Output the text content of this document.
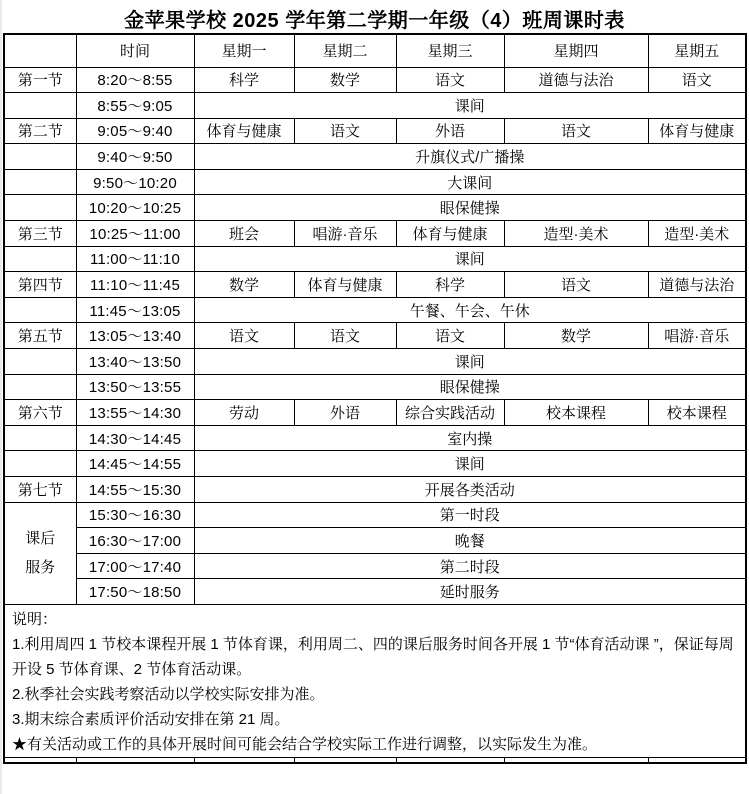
金苹果学校 2025 学年第二学期一年级（4）班周课时表
	时间	星期一	星期二	星期三	星期四	星期五
第一节	8:20～8:55	科学	数学	语文	道德与法治	语文
	8:55～9:05	课间				
第二节	9:05～9:40	体育与健康	语文	外语	语文	体育与健康
	9:40～9:50	升旗仪式/广播操				
	9:50～10:20	大课间				
	10:20～10:25	眼保健操				
第三节	10:25～11:00	班会	唱游·音乐	体育与健康	造型·美术	造型·美术
	11:00～11:10	课间				
第四节	11:10～11:45	数学	体育与健康	科学	语文	道德与法治
	11:45～13:05	午餐、午会、午休				
第五节	13:05～13:40	语文	语文	语文	数学	唱游·音乐
	13:40～13:50	课间				
	13:50～13:55	眼保健操				
第六节	13:55～14:30	劳动	外语	综合实践活动	校本课程	校本课程
	14:30～14:45	室内操				
	14:45～14:55	课间				
第七节	14:55～15:30	开展各类活动				
课后服务	15:30～16:30	第一时段				
	16:30～17:00	晚餐				
	17:00～17:40	第二时段				
	17:50～18:50	延时服务				

说明：
1.利用周四 1 节校本课程开展 1 节体育课，利用周二、四的课后服务时间各开展 1 节“体育活动课 ”，保证每周开设 5 节体育课、2 节体育活动课。
2.秋季社会实践考察活动以学校实际安排为准。
3.期末综合素质评价活动安排在第 21 周。
★有关活动或工作的具体开展时间可能会结合学校实际工作进行调整，以实际发生为准。						
